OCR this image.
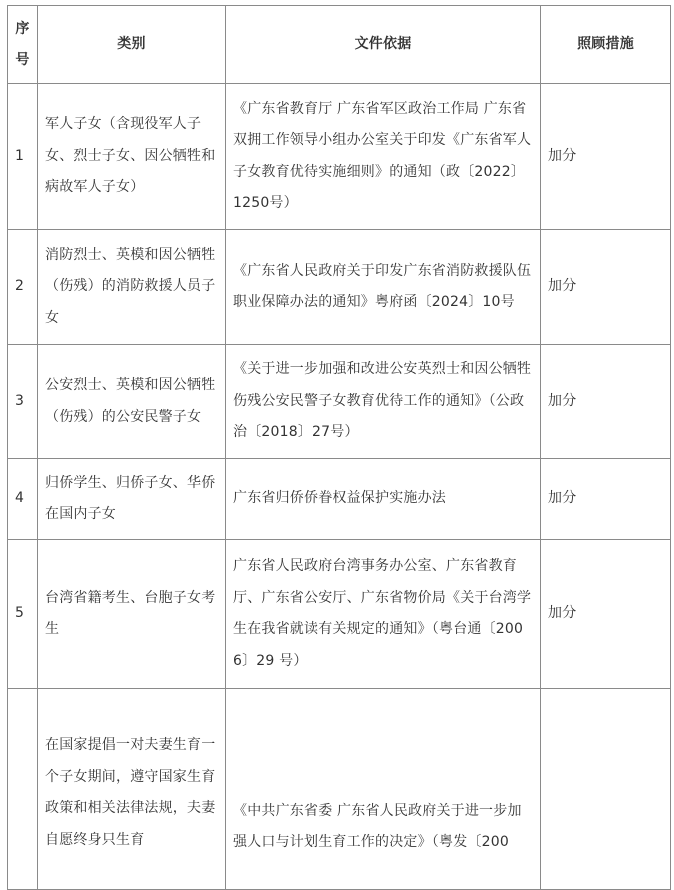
序号	类别	文件依据	照顾措施
1	军人子女（含现役军人子女、烈士子女、因公牺牲和病故军人子女）	《广东省教育厅 广东省军区政治工作局 广东省双拥工作领导小组办公室关于印发《广东省军人子女教育优待实施细则》的通知（政〔2022〕1250号）	加分
2	消防烈士、英模和因公牺牲（伤残）的消防救援人员子女	《广东省人民政府关于印发广东省消防救援队伍职业保障办法的通知》粤府函〔2024〕10号	加分
3	公安烈士、英模和因公牺牲（伤残）的公安民警子女	《关于进一步加强和改进公安英烈士和因公牺牲伤残公安民警子女教育优待工作的通知》（公政治〔2018〕27号）	加分
4	归侨学生、归侨子女、华侨在国内子女	广东省归侨侨眷权益保护实施办法	加分
5	台湾省籍考生、台胞子女考生	广东省人民政府台湾事务办公室、广东省教育厅、广东省公安厅、广东省物价局《关于台湾学生在我省就读有关规定的通知》（粤台通〔2006〕29 号）	加分

	在国家提倡一对夫妻生育一个子女期间，遵守国家生育政策和相关法律法规，夫妻自愿终身只生育	《中共广东省委 广东省人民政府关于进一步加强人口与计划生育工作的决定》（粤发〔200	
